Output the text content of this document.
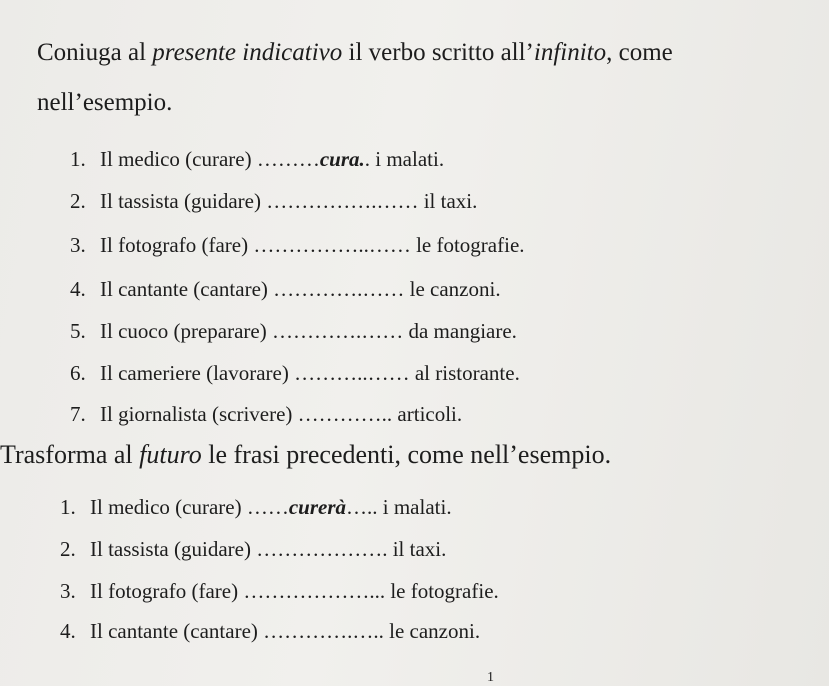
Coniuga al presente indicativo il verbo scritto all’infinito, come nell’esempio.
1. Il medico (curare) ………cura.. i malati.
2. Il tassista (guidare) …………….…… il taxi.
3. Il fotografo (fare) ……………..…… le fotografie.
4. Il cantante (cantare) ………….…… le canzoni.
5. Il cuoco (preparare) ………….…… da mangiare.
6. Il cameriere (lavorare) ………..…… al ristorante.
7. Il giornalista (scrivere) ………….. articoli.
Trasforma al futuro le frasi precedenti, come nell’esempio.
1. Il medico (curare) ……curerà….. i malati.
2. Il tassista (guidare) ………………. il taxi.
3. Il fotografo (fare) ………………... le fotografie.
4. Il cantante (cantare) ………….….. le canzoni.
1
